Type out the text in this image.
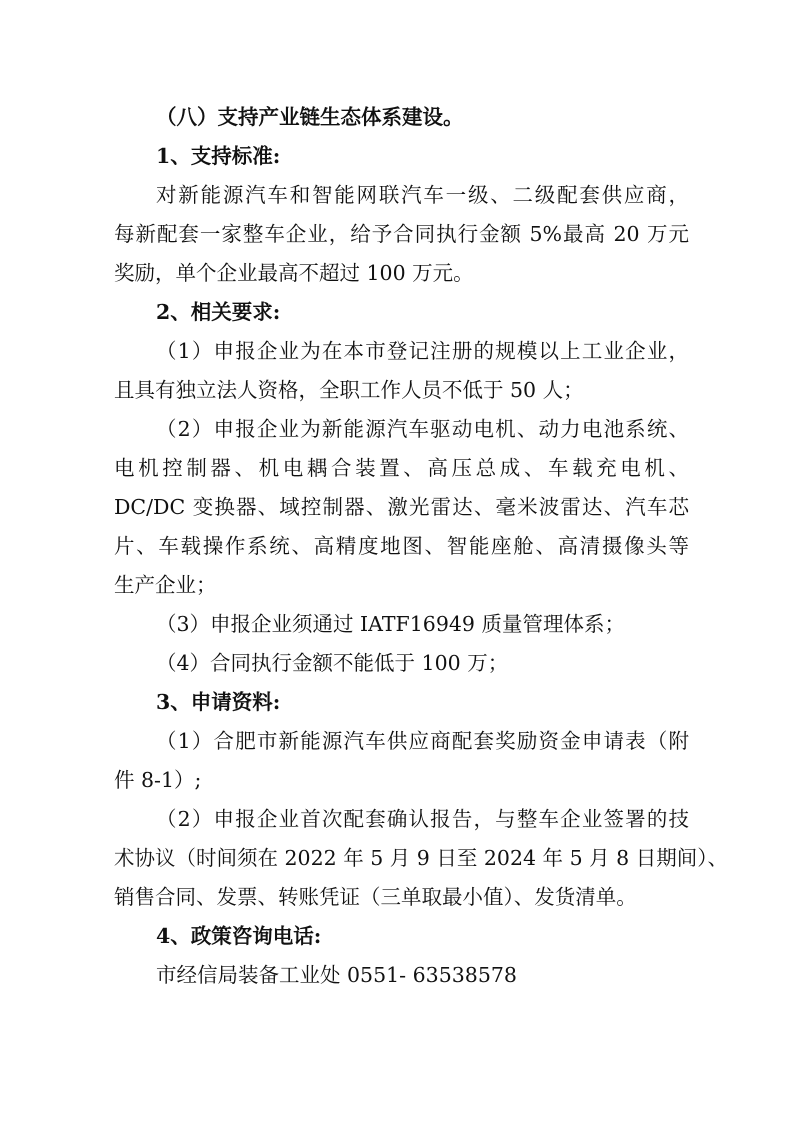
（八）支持产业链生态体系建设。
1、支持标准:
对新能源汽车和智能网联汽车一级、二级配套供应商，
每新配套一家整车企业，给予合同执行金额 5%最高 20 万元
奖励，单个企业最高不超过 100 万元。
2、相关要求:
（1）申报企业为在本市登记注册的规模以上工业企业，
且具有独立法人资格，全职工作人员不低于 50 人；
（2）申报企业为新能源汽车驱动电机、动力电池系统、
电机控制器、机电耦合装置、高压总成、车载充电机、
DC/DC 变换器、域控制器、激光雷达、毫米波雷达、汽车芯
片、车载操作系统、高精度地图、智能座舱、高清摄像头等
生产企业；
（3）申报企业须通过 IATF16949 质量管理体系；
（4）合同执行金额不能低于 100 万；
3、申请资料:
（1）合肥市新能源汽车供应商配套奖励资金申请表（附
件 8-1）;
（2）申报企业首次配套确认报告，与整车企业签署的技
术协议（时间须在 2022 年 5 月 9 日至 2024 年 5 月 8 日期间）、
销售合同、发票、转账凭证（三单取最小值）、发货清单。
4、政策咨询电话:
市经信局装备工业处 0551- 63538578
